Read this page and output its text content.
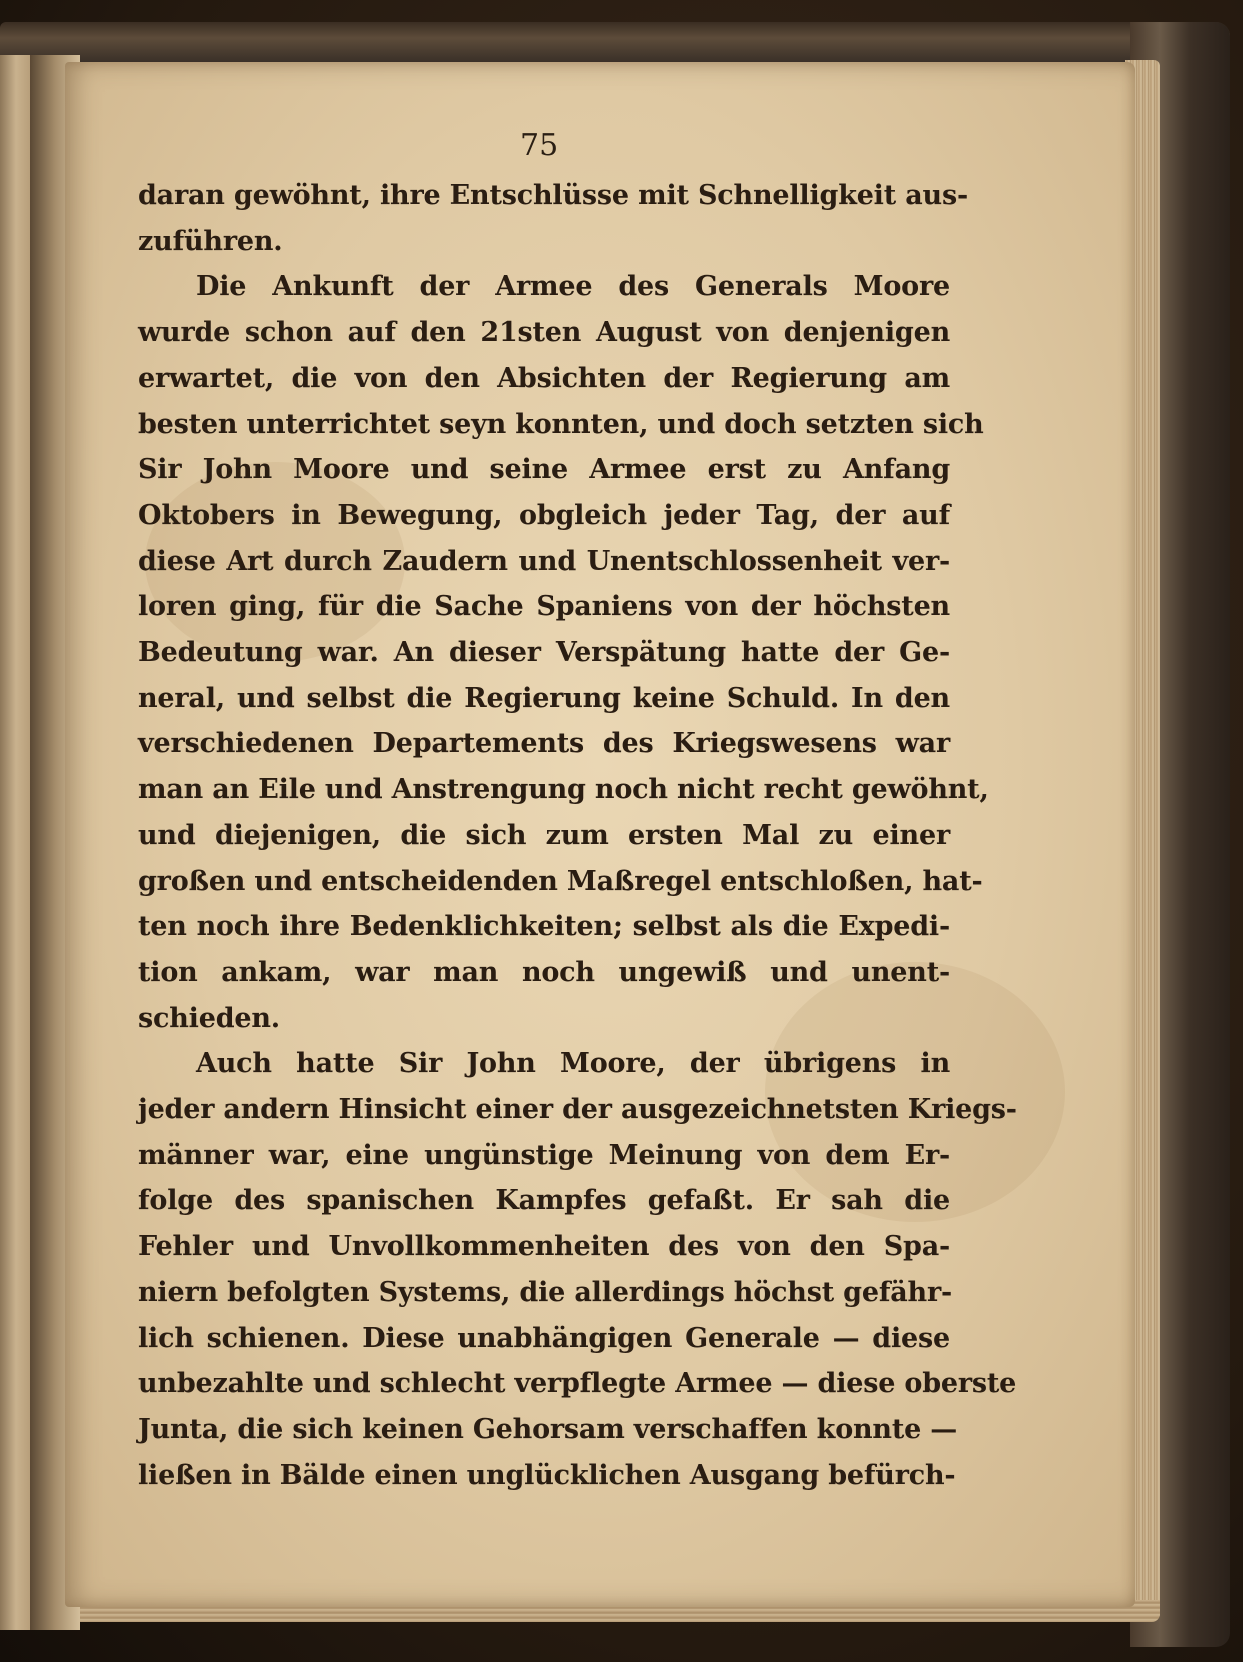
75
daran gewöhnt, ihre Entschlüsse mit Schnelligkeit aus-
zuführen.
Die Ankunft der Armee des Generals Moore
wurde schon auf den 21sten August von denjenigen
erwartet, die von den Absichten der Regierung am
besten unterrichtet seyn konnten, und doch setzten sich
Sir John Moore und seine Armee erst zu Anfang
Oktobers in Bewegung, obgleich jeder Tag, der auf
diese Art durch Zaudern und Unentschlossenheit ver-
loren ging, für die Sache Spaniens von der höchsten
Bedeutung war. An dieser Verspätung hatte der Ge-
neral, und selbst die Regierung keine Schuld. In den
verschiedenen Departements des Kriegswesens war
man an Eile und Anstrengung noch nicht recht gewöhnt,
und diejenigen, die sich zum ersten Mal zu einer
großen und entscheidenden Maßregel entschloßen, hat-
ten noch ihre Bedenklichkeiten; selbst als die Expedi-
tion ankam, war man noch ungewiß und unent-
schieden.
Auch hatte Sir John Moore, der übrigens in
jeder andern Hinsicht einer der ausgezeichnetsten Kriegs-
männer war, eine ungünstige Meinung von dem Er-
folge des spanischen Kampfes gefaßt. Er sah die
Fehler und Unvollkommenheiten des von den Spa-
niern befolgten Systems, die allerdings höchst gefähr-
lich schienen. Diese unabhängigen Generale — diese
unbezahlte und schlecht verpflegte Armee — diese oberste
Junta, die sich keinen Gehorsam verschaffen konnte —
ließen in Bälde einen unglücklichen Ausgang befürch-
